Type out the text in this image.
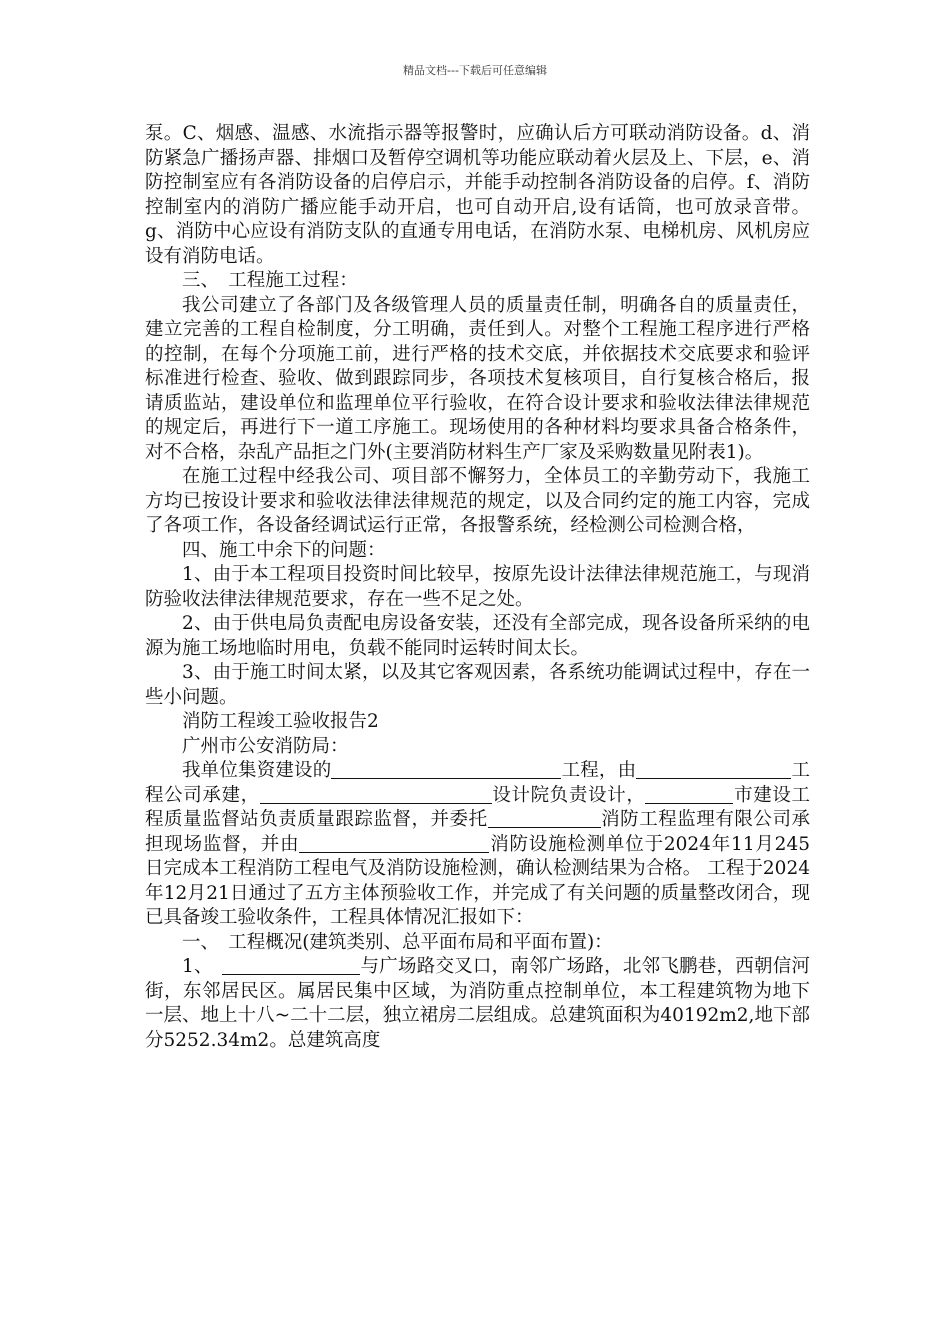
精品文档---下载后可任意编辑

泵。C、烟感、温感、水流指示器等报警时，应确认后方可联动消防设备。d、消防紧急广播扬声器、排烟口及暂停空调机等功能应联动着火层及上、下层，e、消防控制室应有各消防设备的启停启示，并能手动控制各消防设备的启停。f、消防控制室内的消防广播应能手动开启，也可自动开启,设有话筒，也可放录音带。g、消防中心应设有消防支队的直通专用电话，在消防水泵、电梯机房、风机房应设有消防电话。

三、　工程施工过程：

我公司建立了各部门及各级管理人员的质量责任制，明确各自的质量责任，建立完善的工程自检制度，分工明确，责任到人。对整个工程施工程序进行严格的控制，在每个分项施工前，进行严格的技术交底，并依据技术交底要求和验评标准进行检查、验收、做到跟踪同步，各项技术复核项目，自行复核合格后，报请质监站，建设单位和监理单位平行验收，在符合设计要求和验收法律法律规范的规定后，再进行下一道工序施工。现场使用的各种材料均要求具备合格条件，对不合格，杂乱产品拒之门外(主要消防材料生产厂家及采购数量见附表1)。

在施工过程中经我公司、项目部不懈努力，全体员工的辛勤劳动下，我施工方均已按设计要求和验收法律法律规范的规定，以及合同约定的施工内容，完成了各项工作，各设备经调试运行正常，各报警系统，经检测公司检测合格，

四、施工中余下的问题：

1、由于本工程项目投资时间比较早，按原先设计法律法律规范施工，与现消防验收法律法律规范要求，存在一些不足之处。

2、由于供电局负责配电房设备安装，还没有全部完成，现各设备所采纳的电源为施工场地临时用电，负载不能同时运转时间太长。

3、由于施工时间太紧，以及其它客观因素，各系统功能调试过程中，存在一些小问题。

消防工程竣工验收报告2

广州市公安消防局：

我单位集资建设的	工程，由	工程公司承建，	设计院负责设计，	市建设工程质量监督站负责质量跟踪监督，并委托	消防工程监理有限公司承担现场监督，并由	消防设施检测单位于2024年11月245日完成本工程消防工程电气及消防设施检测，确认检测结果为合格。 工程于2024年12月21日通过了五方主体预验收工作，并完成了有关问题的质量整改闭合，现已具备竣工验收条件，工程具体情况汇报如下：

一、　工程概况(建筑类别、总平面布局和平面布置)：

1、　	与广场路交叉口，南邻广场路，北邻飞鹏巷，西朝信河街，东邻居民区。属居民集中区域，为消防重点控制单位，本工程建筑物为地下一层、地上十八~二十二层，独立裙房二层组成。总建筑面积为40192m2,地下部分5252.34m2。总建筑高度
